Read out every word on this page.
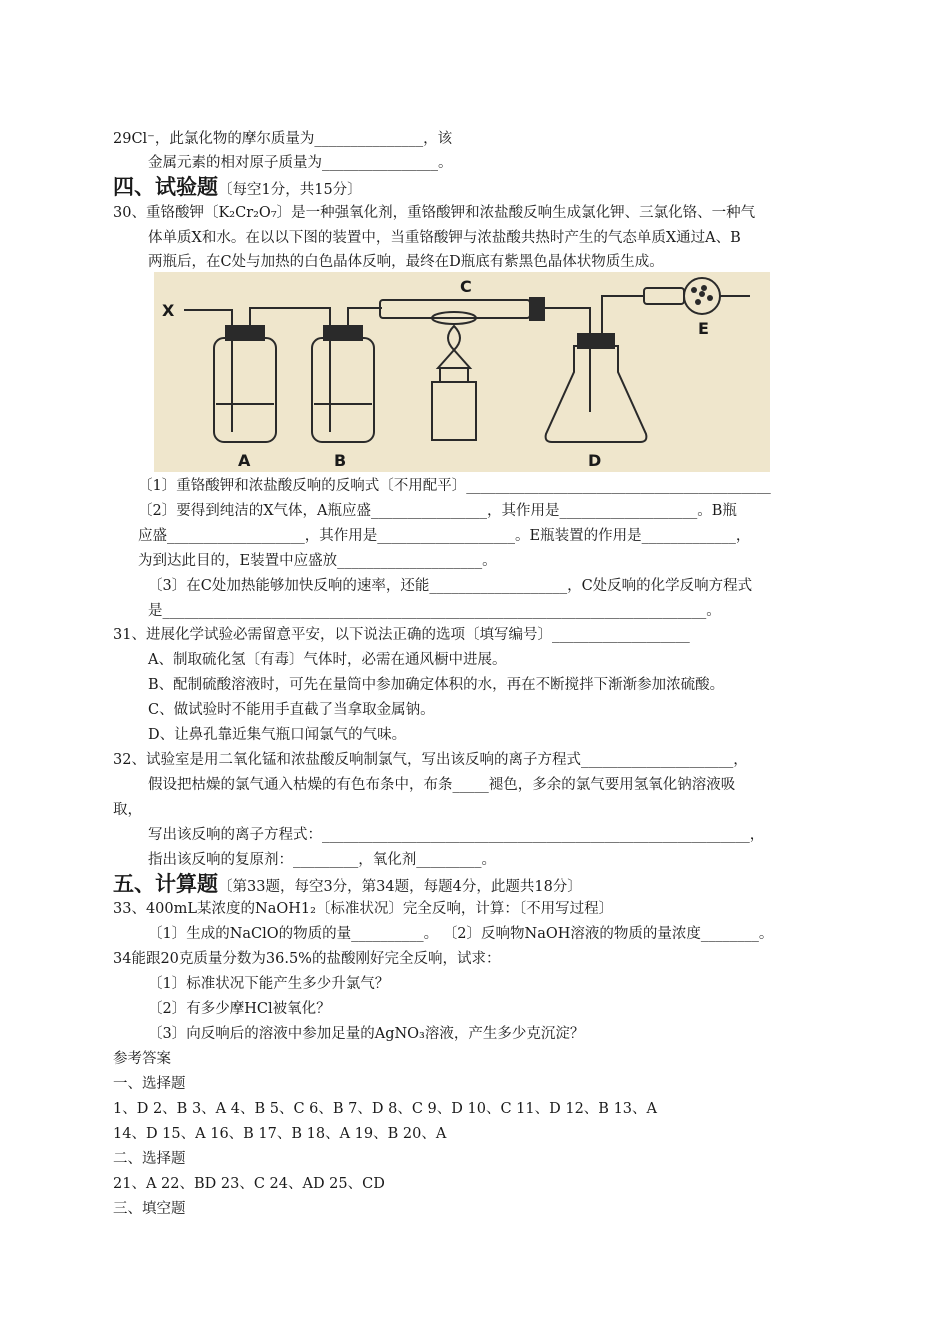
29Cl⁻，此氯化物的摩尔质量为_______________，该
金属元素的相对原子质量为________________。
四、试验题〔每空1分，共15分〕
30、重铬酸钾〔K₂Cr₂O₇〕是一种强氧化剂，重铬酸钾和浓盐酸反响生成氯化钾、三氯化铬、一种气
体单质X和水。在以以下图的装置中，当重铬酸钾与浓盐酸共热时产生的气态单质X通过A、B
两瓶后，在C处与加热的白色晶体反响，最终在D瓶底有紫黑色晶体状物质生成。
X
A	B
C
D
E
〔1〕重铬酸钾和浓盐酸反响的反响式〔不用配平〕__________________________________________
〔2〕要得到纯洁的X气体，A瓶应盛________________，其作用是___________________。B瓶
应盛___________________，其作用是___________________。E瓶装置的作用是_____________，
为到达此目的，E装置中应盛放____________________。
〔3〕在C处加热能够加快反响的速率，还能___________________，C处反响的化学反响方程式
是___________________________________________________________________________。
31、进展化学试验必需留意平安，以下说法正确的选项〔填写编号〕___________________
A、制取硫化氢〔有毒〕气体时，必需在通风橱中进展。
B、配制硫酸溶液时，可先在量筒中参加确定体积的水，再在不断搅拌下渐渐参加浓硫酸。
C、做试验时不能用手直截了当拿取金属钠。
D、让鼻孔靠近集气瓶口闻氯气的气味。
32、试验室是用二氧化锰和浓盐酸反响制氯气，写出该反响的离子方程式_____________________，
假设把枯燥的氯气通入枯燥的有色布条中，布条_____褪色，多余的氯气要用氢氧化钠溶液吸
取，
写出该反响的离子方程式：___________________________________________________________，
指出该反响的复原剂：_________，氧化剂_________。
五、计算题〔第33题，每空3分，第34题，每题4分，此题共18分〕
33、400mL某浓度的NaOH1₂〔标准状况〕完全反响，计算：〔不用写过程〕
〔1〕生成的NaClO的物质的量__________。 〔2〕反响物NaOH溶液的物质的量浓度________。
34能跟20克质量分数为36.5%的盐酸刚好完全反响，试求：
〔1〕标准状况下能产生多少升氯气？
〔2〕有多少摩HCl被氧化？
〔3〕向反响后的溶液中参加足量的AgNO₃溶液，产生多少克沉淀？
参考答案
一、选择题
1、D 2、B 3、A 4、B 5、C 6、B 7、D 8、C 9、D 10、C 11、D 12、B 13、A
14、D 15、A 16、B 17、B 18、A 19、B 20、A
二、选择题
21、A 22、BD 23、C 24、AD 25、CD
三、填空题
